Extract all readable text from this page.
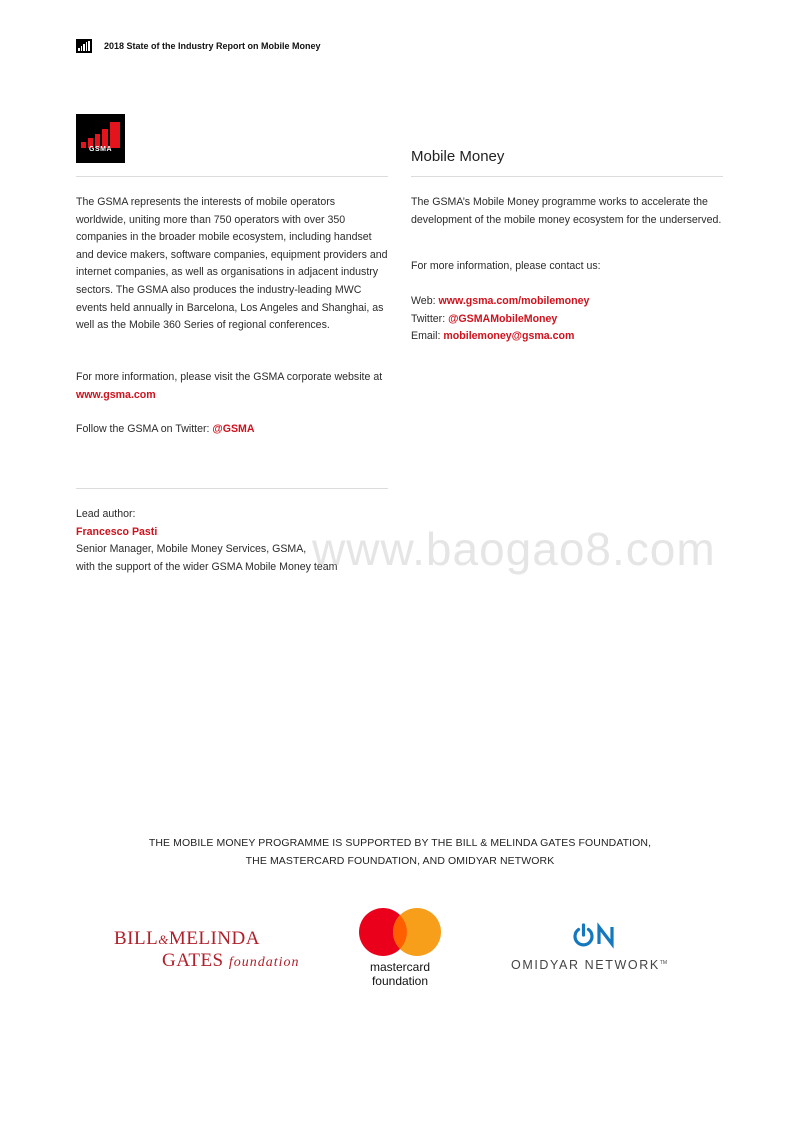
2018 State of the Industry Report on Mobile Money
GSMA	Mobile Money

The GSMA represents the interests of mobile operators worldwide, uniting more than 750 operators with over 350 companies in the broader mobile ecosystem, including handset and device makers, software companies, equipment providers and internet companies, as well as organisations in adjacent industry sectors. The GSMA also produces the industry-leading MWC events held annually in Barcelona, Los Angeles and Shanghai, as well as the Mobile 360 Series of regional conferences.

For more information, please visit the GSMA corporate website at www.gsma.com

Follow the GSMA on Twitter: @GSMA

Lead author:

Francesco Pasti

Senior Manager, Mobile Money Services, GSMA,

with the support of the wider GSMA Mobile Money team

The GSMA’s Mobile Money programme works to accelerate the development of the mobile money ecosystem for the underserved.

For more information, please contact us:

Web: www.gsma.com/mobilemoney

Twitter: @GSMAMobileMoney

Email: mobilemoney@gsma.com

www.baogao8.com
THE MOBILE MONEY PROGRAMME IS SUPPORTED BY THE BILL & MELINDA GATES FOUNDATION,
THE MASTERCARD FOUNDATION, AND OMIDYAR NETWORK
BILL&MELINDA
GATES foundation	mastercard
foundation
OMIDYAR NETWORK™
